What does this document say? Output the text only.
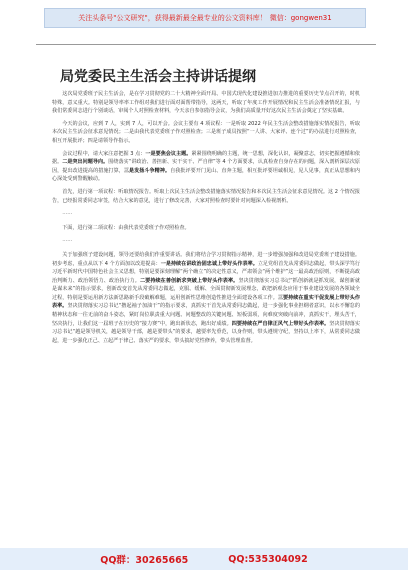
关注头条号"公文研究"，获得最新最全最专业的公文资料库！ 微信：gongwen31
局党委民主生活会主持讲话提纲

这次局党委班子民主生活会，是在学习贯彻党的二十大精神全面开局、中国式现代化建设推进加力推进的重要历史节点召开的，时机特殊，意义重大。特别是领导率率工作组对我们进行面对面帮带指导，这两天，听取了年度工作开展情况和民主生活会准备情况汇报，与我们常委同志进行个别谈话，审阅个人对照检查材料，今天亲自参加指导会议，为我们高质量开好这次民主生活会奠定了坚实基础。

今天的会议，应到 7 人，实到 7 人，可以开会。会议主要有 4 项议程：一是听取 2022 年民主生活会整改措施落实情况报告，听取本次民主生活会征求意见情况；二是由我代表党委班子作对照检查；三是班子成员按照“一人讲、大家评、连个过”的办法进行对照检查，相互开展批评；四是请领导作指示。

会议过程中，请大家注意把握 3 点：一是要焦会议主题。紧紧围绕明确的主题，统一思想，深化认识，凝聚意志，切实把握遵循和依据。二是突出问题导向。围绕落实“讲政治、善担新、实干实干、严自律”等 4 个方面要求，认真检查自身存在的问题，深入剖析深层次原因，提出改进提高的措施打算，三是发扬斗争精神。自我批评要开门见山、直奔主题，相互批评要坦诚相见，见人见事，真正从思想和内心深处受到警醒触动。

首先，进行第一项议程：听取情况报告。听取上次民主生活会整改措施落实情况报告和本次民主生活会征求意见情况。这 2 个情况报告，已经报常委同志审签，结合大家的意见，进行了修改完善，大家对照检查时要针对问题深入检视剖析。

……

下面，进行第二项议程：由我代表党委班子作对照检查。

……

关于加强班子建设问题，领导还要给我们作重要讲话。我们将结合学习贯彻指示精神，进一步增强加强和改进局党委班子建设措施。初步考虑，重点从以下 4 个方面加以改进提高：一是持续在讲政治固忠诚上带好头作表率。立足党组首先从常委同志做起，带头深学笃行习近平新时代中国特色社会主义思想，特别是要深刻理解“两个确立”的决定性意义，严肃领会“两个维护”这一最高政治原则，不断提高政治判断力、政治领悟力、政治执行力。二要持续在善创新求突破上带好头作表率。坚决贯彻落实习总书记“抓创新就是抓发展，谋创新就是谋未来”的指示要求，创新改变首先从常委同志做起，克服、缓解、全面贯彻新发展理念，敢把新观念应用于事业建设发展的各领域全过程，特别是要运用新方法新思路新手段破解难题，运用创新性思维创造性推进全面建设各项工作。三要持续在重实干促发展上带好头作表率。坚决贯彻落实习总书记“撸起袖子加油干”的指示要求，真抓实干首先从常委同志做起，进一步强化事业担纲者意识，以水不懈怠的精神状态和一往无前的奋斗姿态，紧盯岗位职责重大问题、问题整改的关键问题、短板弱项，向难度突破向前冲，真抓实干，埋头苦干，坚决执行，让我们这一届班子在历史的“接力赛”中，跑出新状态，跑出好成绩。四要持续在严自律正风气上带好头作表率。坚决贯彻落实习总书记“越是领导机关，越是领导干部，越是要带头”的要求，越要率先垂范，以身作则，带头遵规守纪，坚持以上率下，从常委同志做起，进一步强化正己、立起严于律己、落实严的要求，带头搞好党性修养，带头管理监督。

QQ群：30265665	QQ:535304092
